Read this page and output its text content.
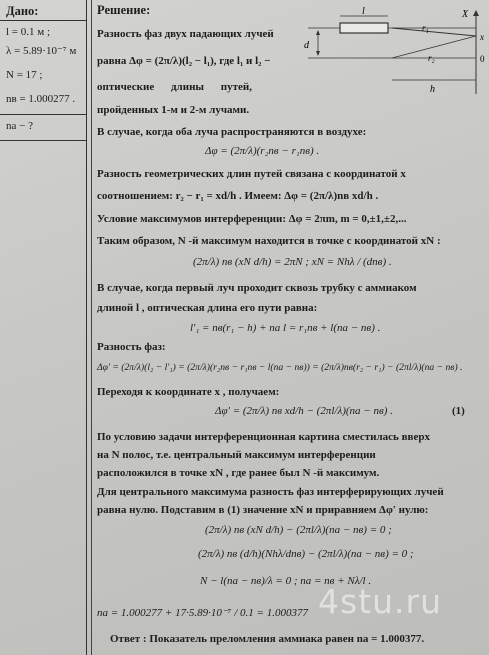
Дано:
l = 0.1 м ;
λ = 5.89·10⁻⁷ м
N = 17 ;
nв = 1.000277 .
nа − ?
Решение:
Разность фаз двух падающих лучей
равна Δφ = (2π/λ)(l₂ − l₁), где l₁ и l₂ −
оптические длины путей,
пройденных 1-м и 2-м лучами.
d
l	X
x
0
r₁
r₂
h
В случае, когда оба луча распространяются в воздухе:
Δφ = (2π/λ)(r₂nв − r₁nв) .
Разность геометрических длин путей связана с координатой x
соотношением: r₂ − r₁ = xd/h . Имеем: Δφ = (2π/λ)nв xd/h .
Условие максимумов интерференции: Δφ = 2πm, m = 0,±1,±2,...
Таким образом, N -й максимум находится в точке с координатой xN :
(2π/λ) nв (xN d/h) = 2πN ; xN = Nhλ / (dnв) .
В случае, когда первый луч проходит сквозь трубку с аммиаком
длиной l , оптическая длина его пути равна:
l′₁ = nв(r₁ − h) + nа l = r₁nв + l(nа − nв) .
Разность фаз:
Δφ′ = (2π/λ)(l₂ − l′₁) = (2π/λ)(r₂nв − r₁nв − l(nа − nв)) = (2π/λ)nв(r₂ − r₁) − (2πl/λ)(nа − nв) .
Переходя к координате x , получаем:
Δφ′ = (2π/λ) nв xd/h − (2πl/λ)(nа − nв) .	(1)
По условию задачи интерференционная картина сместилась вверх
на N полос, т.е. центральный максимум интерференции
расположился в точке xN , где ранее был N -й максимум.
Для центрального максимума разность фаз интерферирующих лучей
равна нулю. Подставим в (1) значение xN и приравняем Δφ′ нулю:
(2π/λ) nв (xN d/h) − (2πl/λ)(nа − nв) = 0 ;
(2π/λ) nв (d/h)(Nhλ/dnв) − (2πl/λ)(nа − nв) = 0 ;
N − l(nа − nв)/λ = 0 ; nа = nв + Nλ/l .
nа = 1.000277 + 17·5.89·10⁻⁷ / 0.1 = 1.000377
Ответ : Показатель преломления аммиака равен nа = 1.000377.
4stu.ru
